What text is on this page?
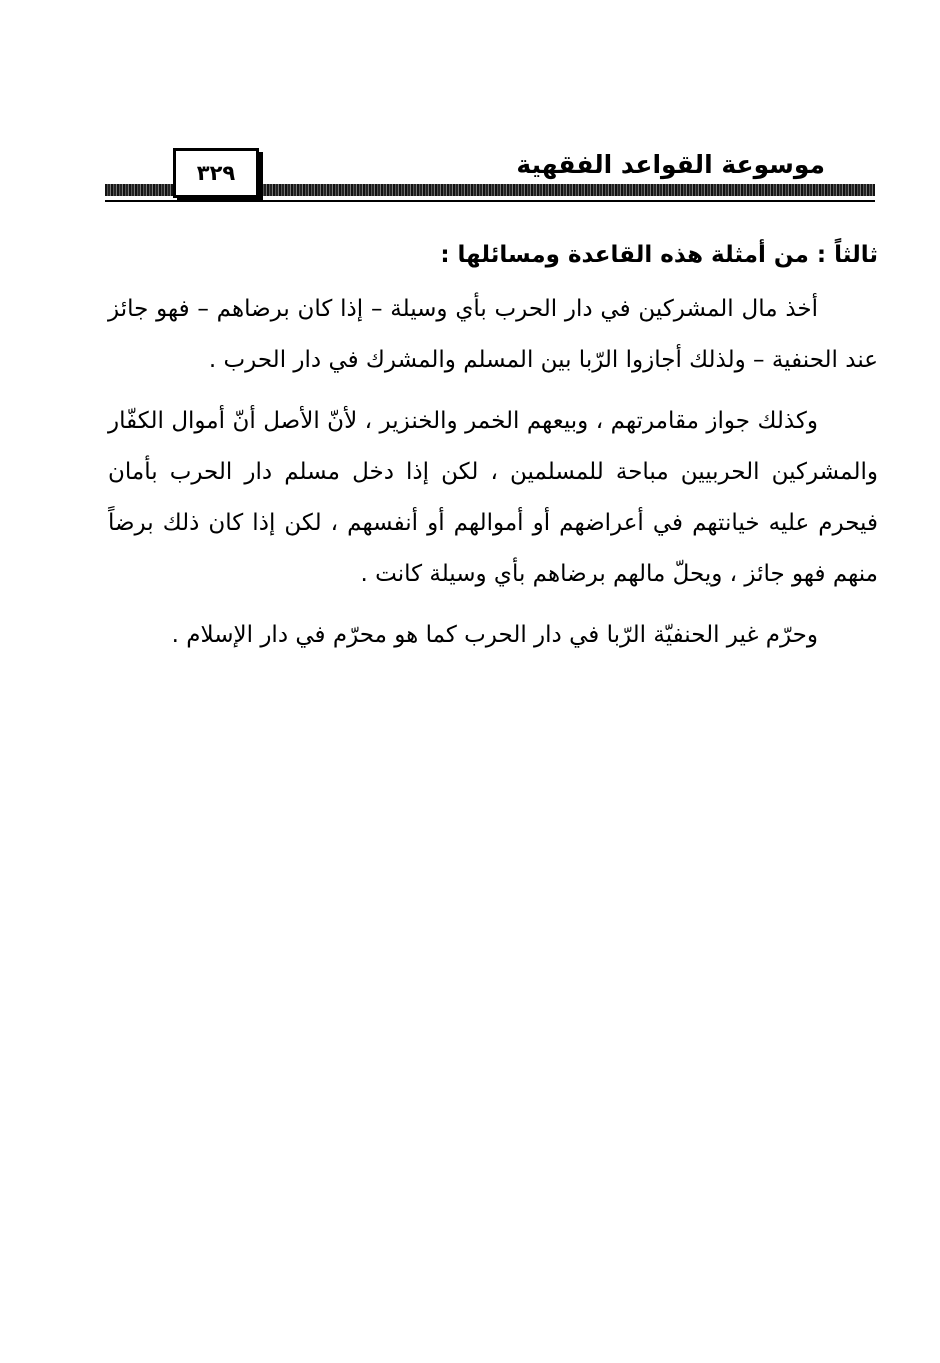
موسوعة القواعد الفقهية
٣٢٩
ثالثاً : من أمثلة هذه القاعدة ومسائلها :

أخذ مال المشركين في دار الحرب بأي وسيلة – إذا كان برضاهم – فهو جائز عند الحنفية – ولذلك أجازوا الرّبا بين المسلم والمشرك في دار الحرب .

وكذلك جواز مقامرتهم ، وبيعهم الخمر والخنزير ، لأنّ الأصل أنّ أموال الكفّار والمشركين الحربيين مباحة للمسلمين ، لكن إذا دخل مسلم دار الحرب بأمان فيحرم عليه خيانتهم في أعراضهم أو أموالهم أو أنفسهم ، لكن إذا كان ذلك برضاً منهم فهو جائز ، ويحلّ مالهم برضاهم بأي وسيلة كانت .

وحرّم غير الحنفيّة الرّبا في دار الحرب كما هو محرّم في دار الإسلام .
